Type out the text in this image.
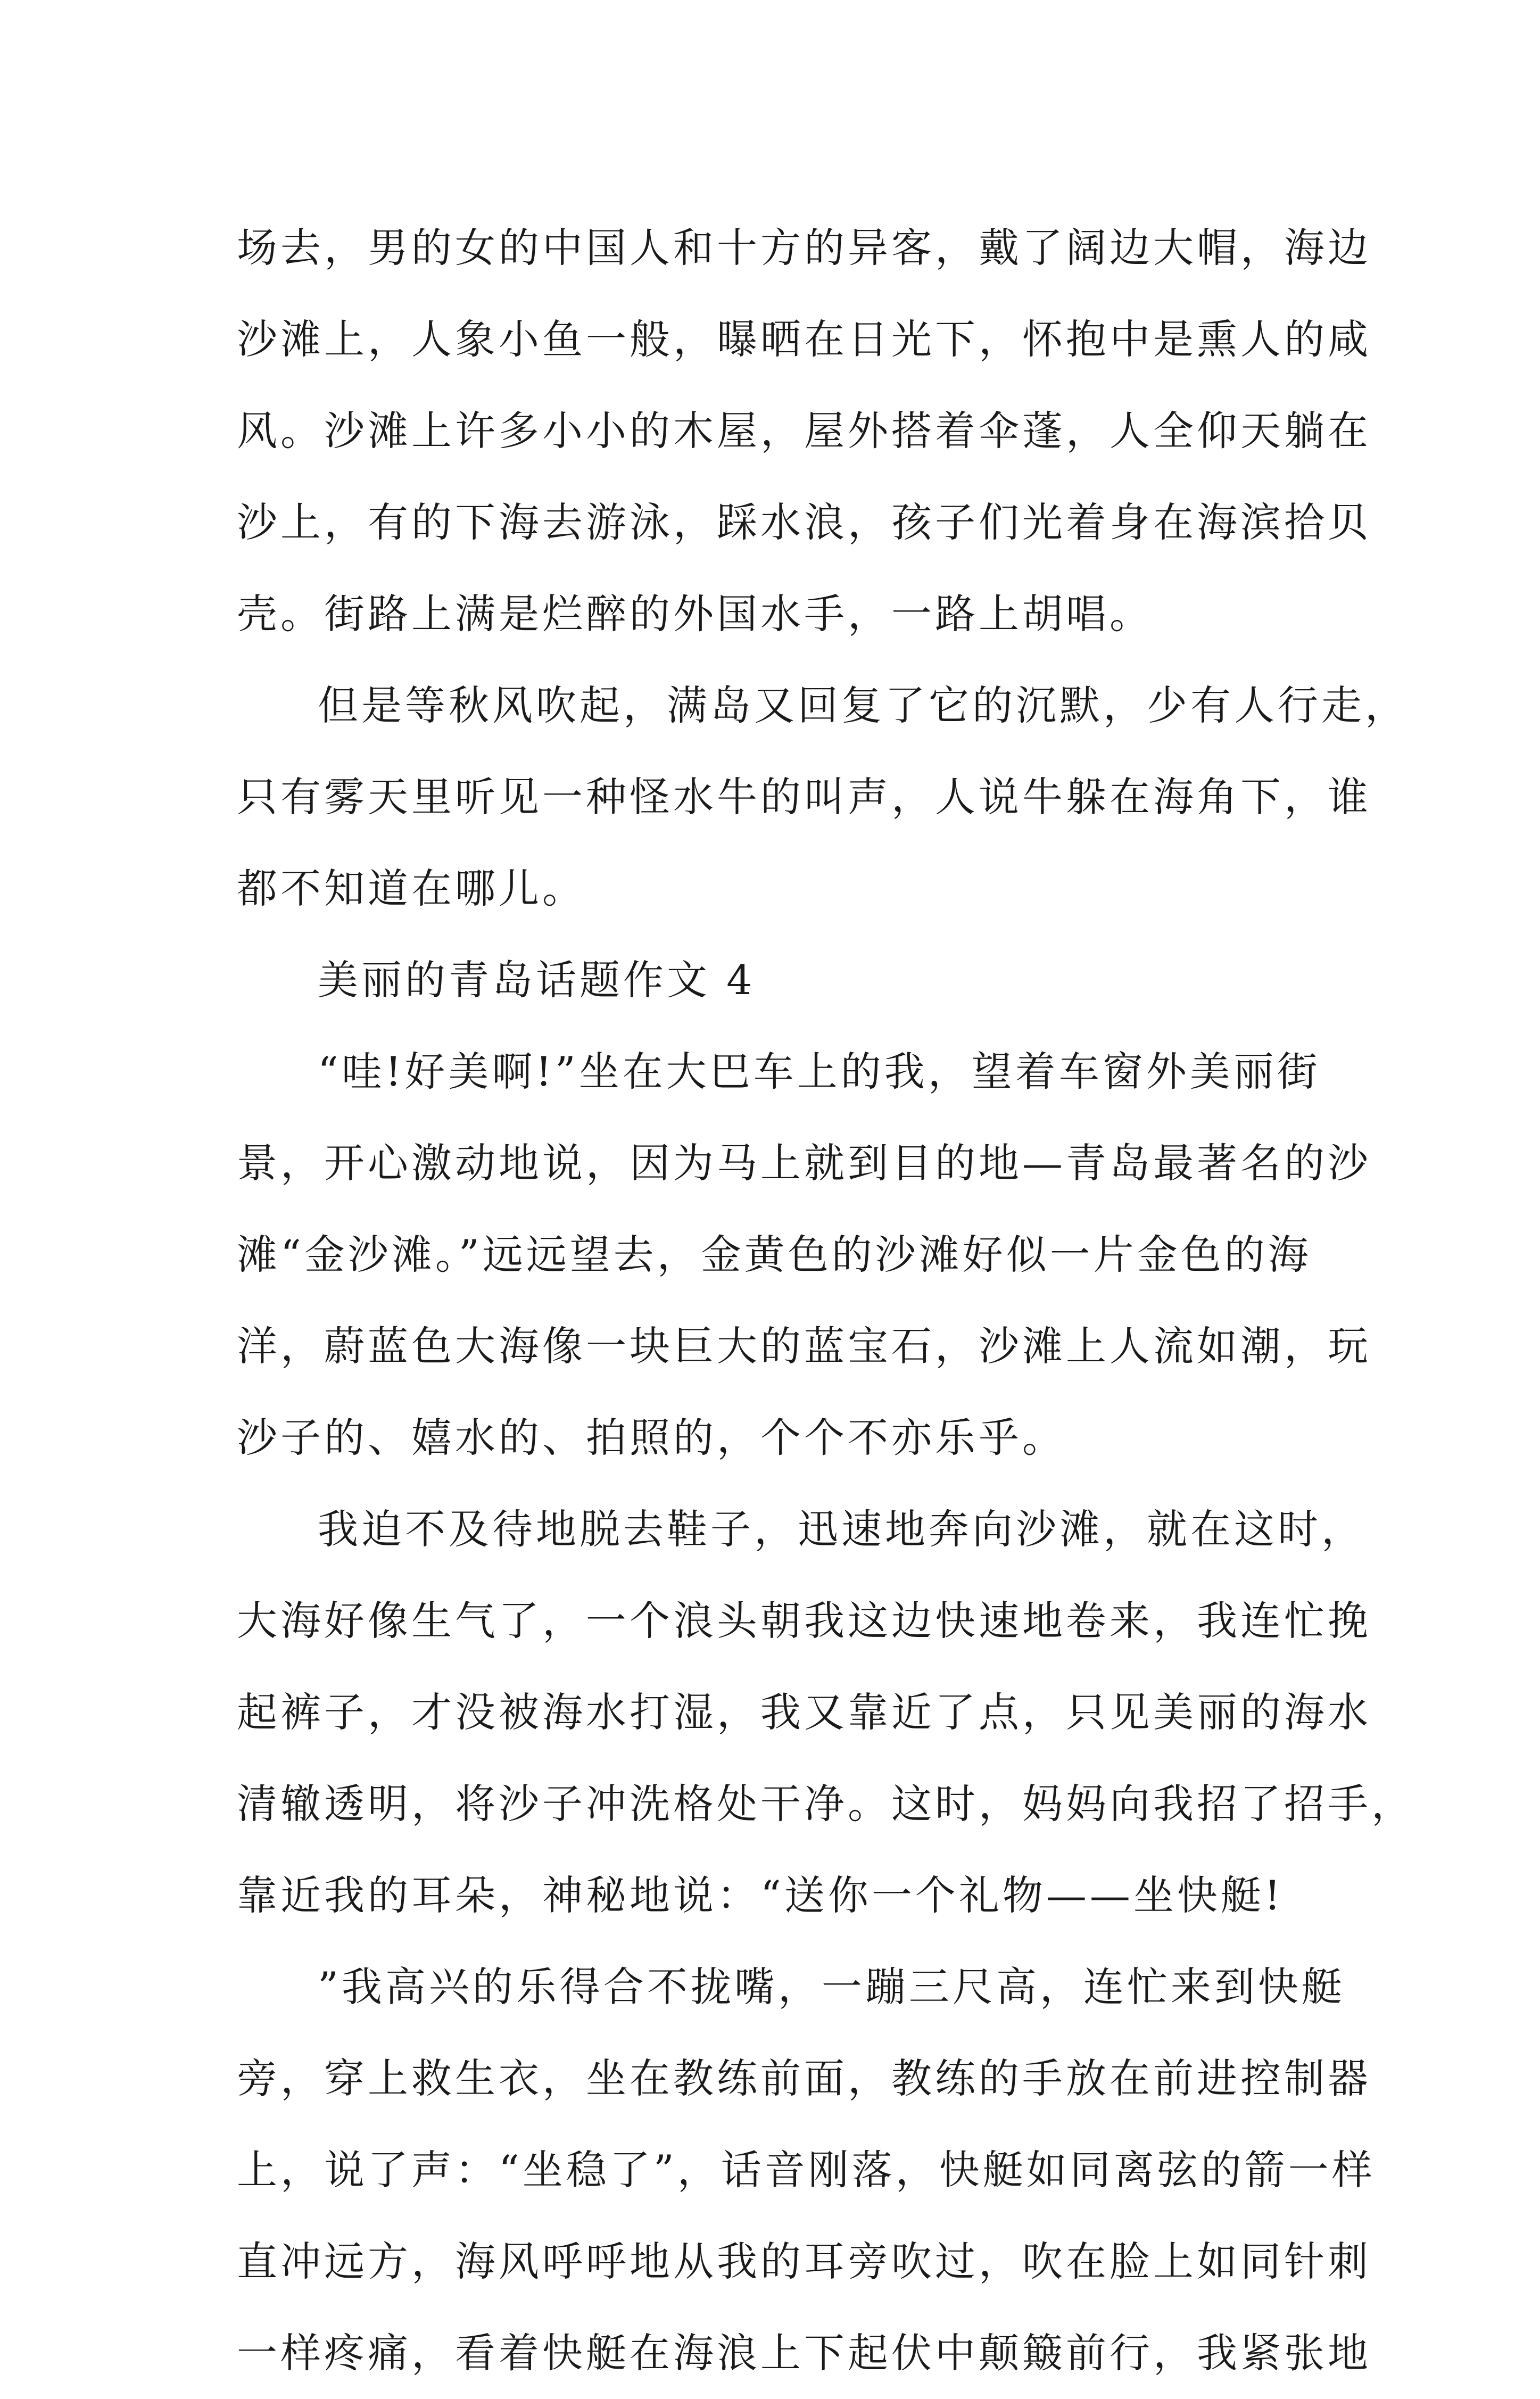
场去，男的女的中国人和十方的异客，戴了阔边大帽，海边
沙滩上，人象小鱼一般，曝晒在日光下，怀抱中是熏人的咸
风。沙滩上许多小小的木屋，屋外搭着伞蓬，人全仰天躺在
沙上，有的下海去游泳，踩水浪，孩子们光着身在海滨拾贝
壳。街路上满是烂醉的外国水手，一路上胡唱。
但是等秋风吹起，满岛又回复了它的沉默，少有人行走，
只有雾天里听见一种怪水牛的叫声，人说牛躲在海角下，谁
都不知道在哪儿。
美丽的青岛话题作文 4
“哇!好美啊!”坐在大巴车上的我，望着车窗外美丽街
景，开心激动地说，因为马上就到目的地—青岛最著名的沙
滩“金沙滩。”远远望去，金黄色的沙滩好似一片金色的海
洋，蔚蓝色大海像一块巨大的蓝宝石，沙滩上人流如潮，玩
沙子的、嬉水的、拍照的，个个不亦乐乎。
我迫不及待地脱去鞋子，迅速地奔向沙滩，就在这时，
大海好像生气了，一个浪头朝我这边快速地卷来，我连忙挽
起裤子，才没被海水打湿，我又靠近了点，只见美丽的海水
清辙透明，将沙子冲洗格处干净。这时，妈妈向我招了招手，
靠近我的耳朵，神秘地说：“送你一个礼物——坐快艇!
”我高兴的乐得合不拢嘴，一蹦三尺高，连忙来到快艇
旁，穿上救生衣，坐在教练前面，教练的手放在前进控制器
上，说了声：“坐稳了”，话音刚落，快艇如同离弦的箭一样
直冲远方，海风呼呼地从我的耳旁吹过，吹在脸上如同针刺
一样疼痛，看着快艇在海浪上下起伏中颠簸前行，我紧张地
